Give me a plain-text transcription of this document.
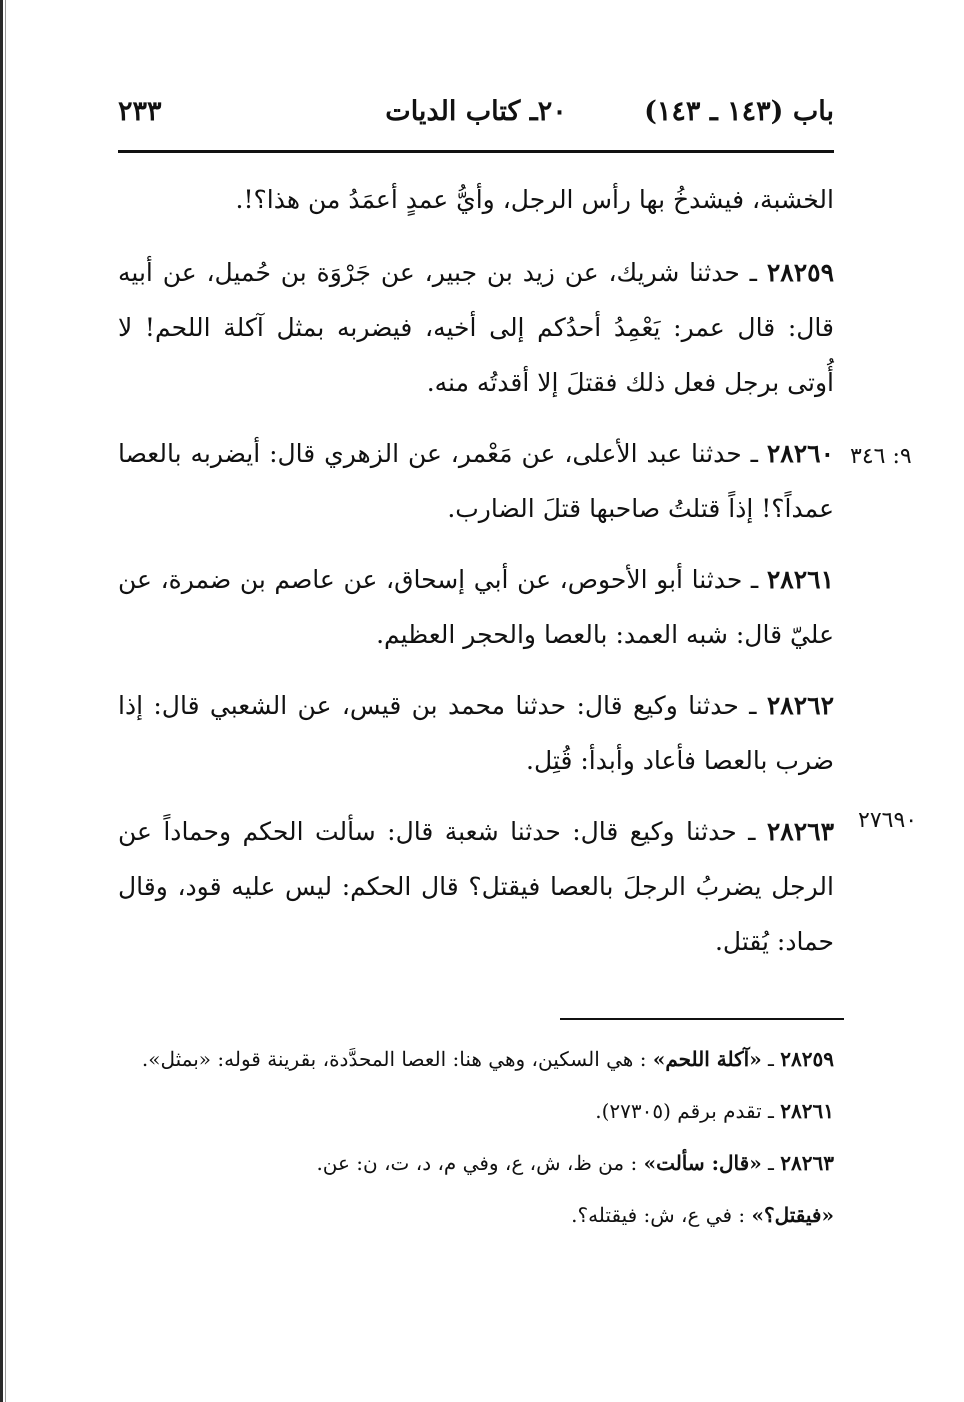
باب (١٤٣ ـ ١٤٣)
٢٠ـ كتاب الديات
٢٣٣

الخشبة، فيشدخُ بها رأس الرجل، وأيُّ عمدٍ أعمَدُ من هذا؟!.

٢٨٢٥٩ ـ حدثنا شريك، عن زيد بن جبير، عن جَرْوَة بن حُميل، عن أبيه قال: قال عمر: يَعْمِدُ أحدُكم إلى أخيه، فيضربه بمثل آكلة اللحم! لا أُوتى برجل فعل ذلك فقتلَ إلا أقدتُه منه.

٢٨٢٦٠ ـ حدثنا عبد الأعلى، عن مَعْمر، عن الزهري قال: أيضربه بالعصا عمداً؟! إذاً قتلتُ صاحبها قتلَ الضارب.

٢٨٢٦١ ـ حدثنا أبو الأحوص، عن أبي إسحاق، عن عاصم بن ضمرة، عن عليّ قال: شبه العمد: بالعصا والحجر العظيم.

٢٨٢٦٢ ـ حدثنا وكيع قال: حدثنا محمد بن قيس، عن الشعبي قال: إذا ضرب بالعصا فأعاد وأبدأ: قُتِل.

٢٨٢٦٣ ـ حدثنا وكيع قال: حدثنا شعبة قال: سألت الحكم وحماداً عن الرجل يضربُ الرجلَ بالعصا فيقتل؟ قال الحكم: ليس عليه قود، وقال حماد: يُقتل.

٩: ٣٤٦
٢٧٦٩٠

٢٨٢٥٩ ـ «آكلة اللحم» : هي السكين، وهي هنا: العصا المحدَّدة، بقرينة قوله: «بمثل».

٢٨٢٦١ ـ تقدم برقم (٢٧٣٠٥).

٢٨٢٦٣ ـ «قال: سألت» : من ظ، ش، ع، وفي م، د، ت، ن: عن.

«فيقتل؟» : في ع، ش: فيقتله؟.
